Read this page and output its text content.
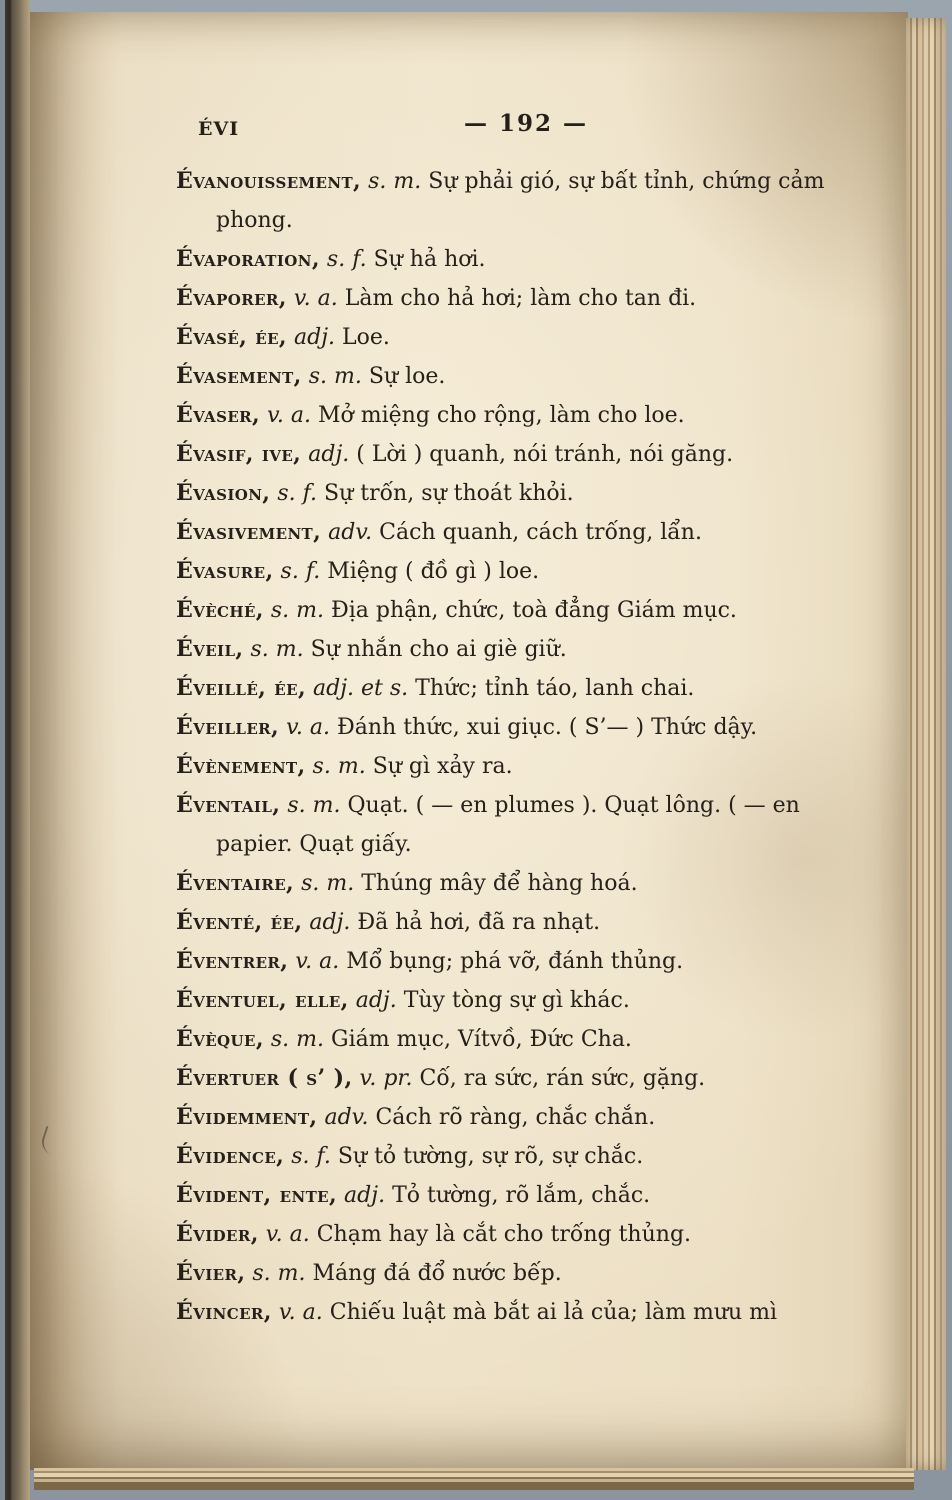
ÉVI	— 192 —

Évanouissement, s. m. Sự phải gió, sự bất tỉnh, chứng cảm phong.

Évaporation, s. f. Sự hả hơi.

Évaporer, v. a. Làm cho hả hơi; làm cho tan đi.

Évasé, ée, adj. Loe.

Évasement, s. m. Sự loe.

Évaser, v. a. Mở miệng cho rộng, làm cho loe.

Évasif, ive, adj. ( Lời ) quanh, nói tránh, nói găng.

Évasion, s. f. Sự trốn, sự thoát khỏi.

Évasivement, adv. Cách quanh, cách trống, lẩn.

Évasure, s. f. Miệng ( đồ gì ) loe.

Évèché, s. m. Địa phận, chức, toà đẳng Giám mục.

Éveil, s. m. Sự nhắn cho ai giè giữ.

Éveillé, ée, adj. et s. Thức; tỉnh táo, lanh chai.

Éveiller, v. a. Đánh thức, xui giục. ( S’— ) Thức dậy.

Évènement, s. m. Sự gì xảy ra.

Éventail, s. m. Quạt. ( — en plumes ). Quạt lông. ( — en papier. Quạt giấy.

Éventaire, s. m. Thúng mây để hàng hoá.

Éventé, ée, adj. Đã hả hơi, đã ra nhạt.

Éventrer, v. a. Mổ bụng; phá vỡ, đánh thủng.

Éventuel, elle, adj. Tùy tòng sự gì khác.

Évèque, s. m. Giám mục, Vítvồ, Đức Cha.

Évertuer ( s’ ), v. pr. Cố, ra sức, rán sức, gặng.

Évidemment, adv. Cách rõ ràng, chắc chắn.

Évidence, s. f. Sự tỏ tường, sự rõ, sự chắc.

Évident, ente, adj. Tỏ tường, rõ lắm, chắc.

Évider, v. a. Chạm hay là cắt cho trống thủng.

Évier, s. m. Máng đá đổ nước bếp.

Évincer, v. a. Chiếu luật mà bắt ai lả của; làm mưu mì
